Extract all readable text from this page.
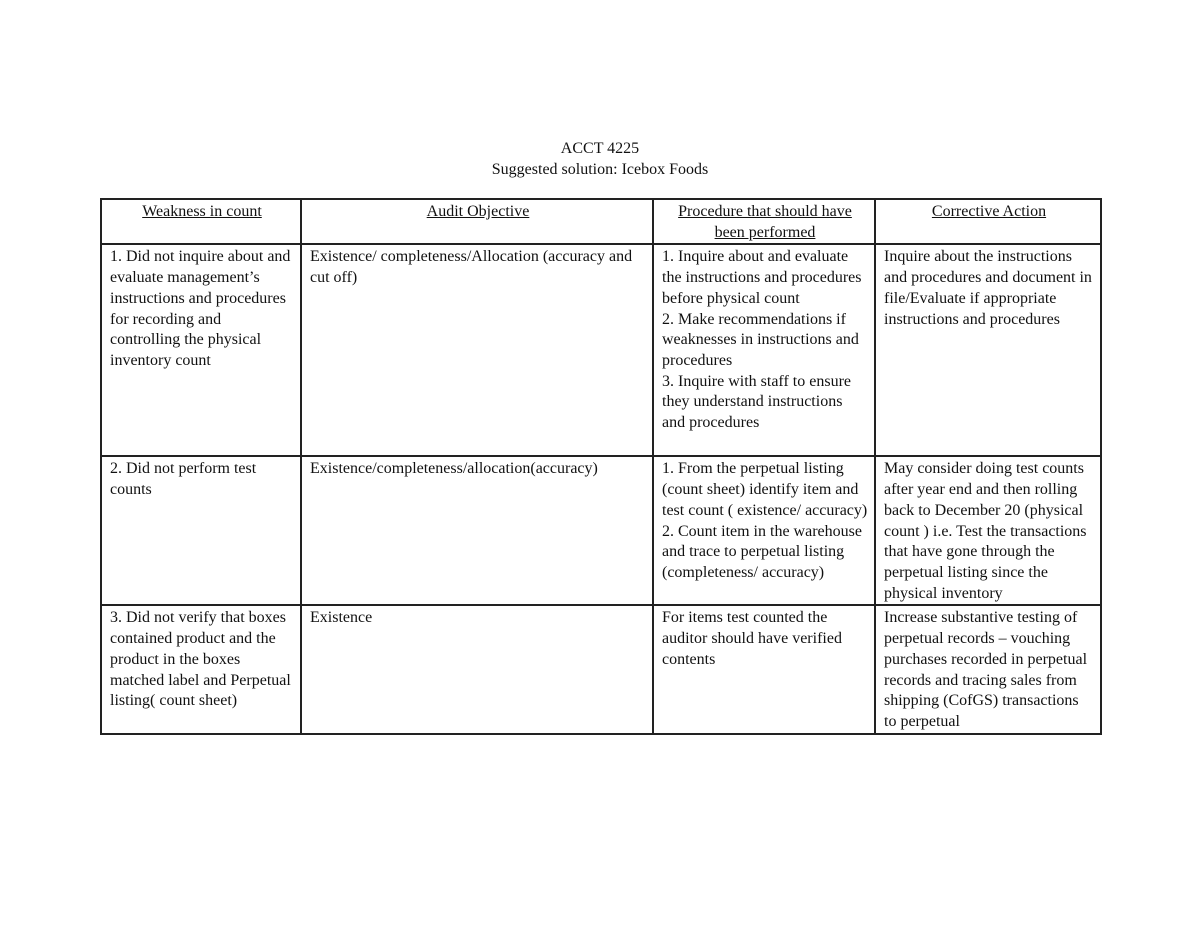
ACCT 4225
Suggested solution: Icebox Foods
Weakness in count	Audit Objective	Procedure that should have been performed	Corrective Action
1. Did not inquire about and evaluate management’s instructions and procedures for recording and controlling the physical inventory count	Existence/ completeness/Allocation (accuracy and cut off)	1. Inquire about and evaluate the instructions and procedures before physical count
2. Make recommendations if weaknesses in instructions and procedures
3. Inquire with staff to ensure they understand instructions and procedures	Inquire about the instructions and procedures and document in file/Evaluate if appropriate instructions and procedures
2. Did not perform test counts	Existence/completeness/allocation(accuracy)	1. From the perpetual listing (count sheet) identify item and test count ( existence/ accuracy)
2. Count item in the warehouse and trace to perpetual listing (completeness/ accuracy)	May consider doing test counts after year end and then rolling back to December 20 (physical count ) i.e. Test the transactions that have gone through the perpetual listing since the physical inventory
3. Did not verify that boxes contained product and the product in the boxes matched label and Perpetual listing( count sheet)	Existence	For items test counted the auditor should have verified contents	Increase substantive testing of perpetual records – vouching purchases recorded in perpetual records and tracing sales from shipping (CofGS) transactions to perpetual
